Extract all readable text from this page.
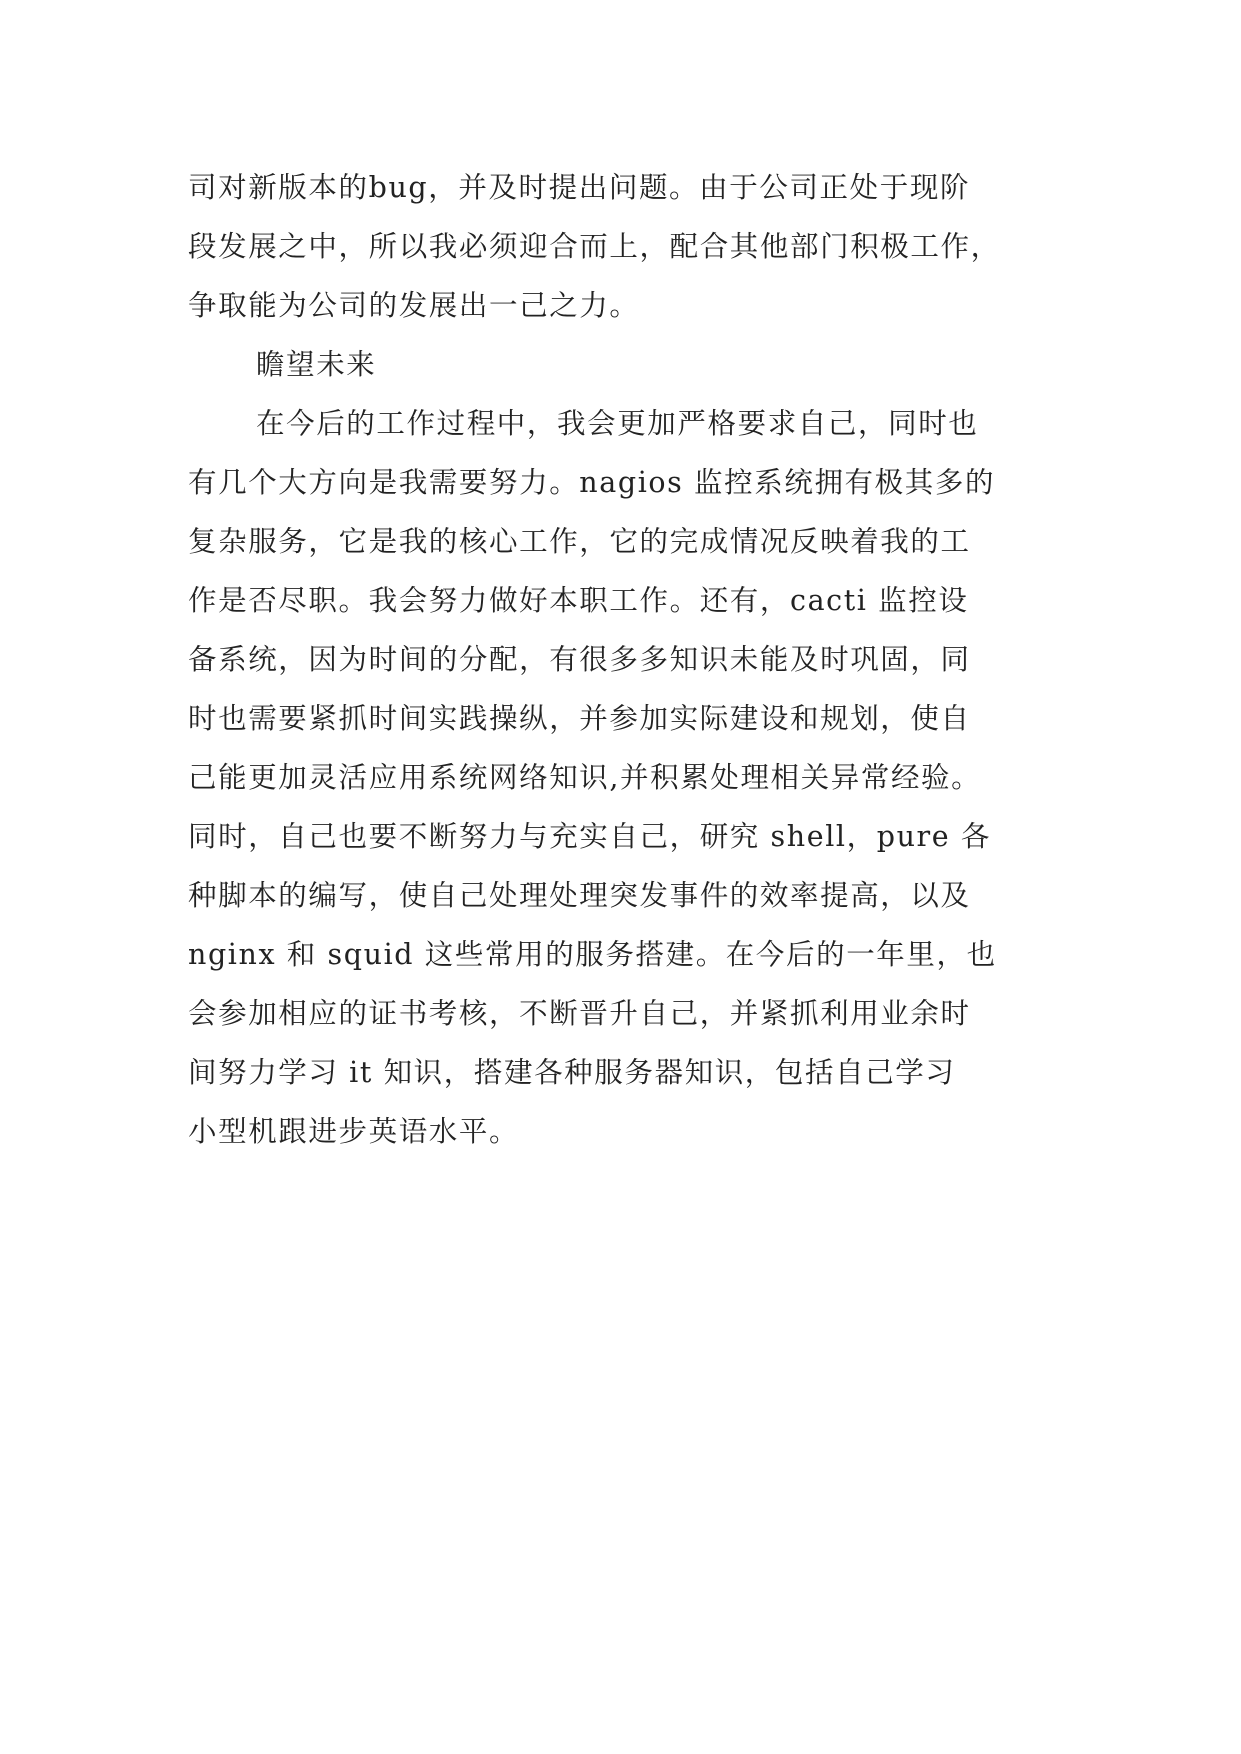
司对新版本的bug，并及时提出问题。由于公司正处于现阶
段发展之中，所以我必须迎合而上，配合其他部门积极工作，
争取能为公司的发展出一己之力。
瞻望未来
在今后的工作过程中，我会更加严格要求自己，同时也
有几个大方向是我需要努力。nagios 监控系统拥有极其多的
复杂服务，它是我的核心工作，它的完成情况反映着我的工
作是否尽职。我会努力做好本职工作。还有，cacti 监控设
备系统，因为时间的分配，有很多多知识未能及时巩固，同
时也需要紧抓时间实践操纵，并参加实际建设和规划，使自
己能更加灵活应用系统网络知识,并积累处理相关异常经验。
同时，自己也要不断努力与充实自己，研究 shell，pure 各
种脚本的编写，使自己处理处理突发事件的效率提高，以及
nginx 和 squid 这些常用的服务搭建。在今后的一年里，也
会参加相应的证书考核，不断晋升自己，并紧抓利用业余时
间努力学习 it 知识，搭建各种服务器知识，包括自己学习
小型机跟进步英语水平。
